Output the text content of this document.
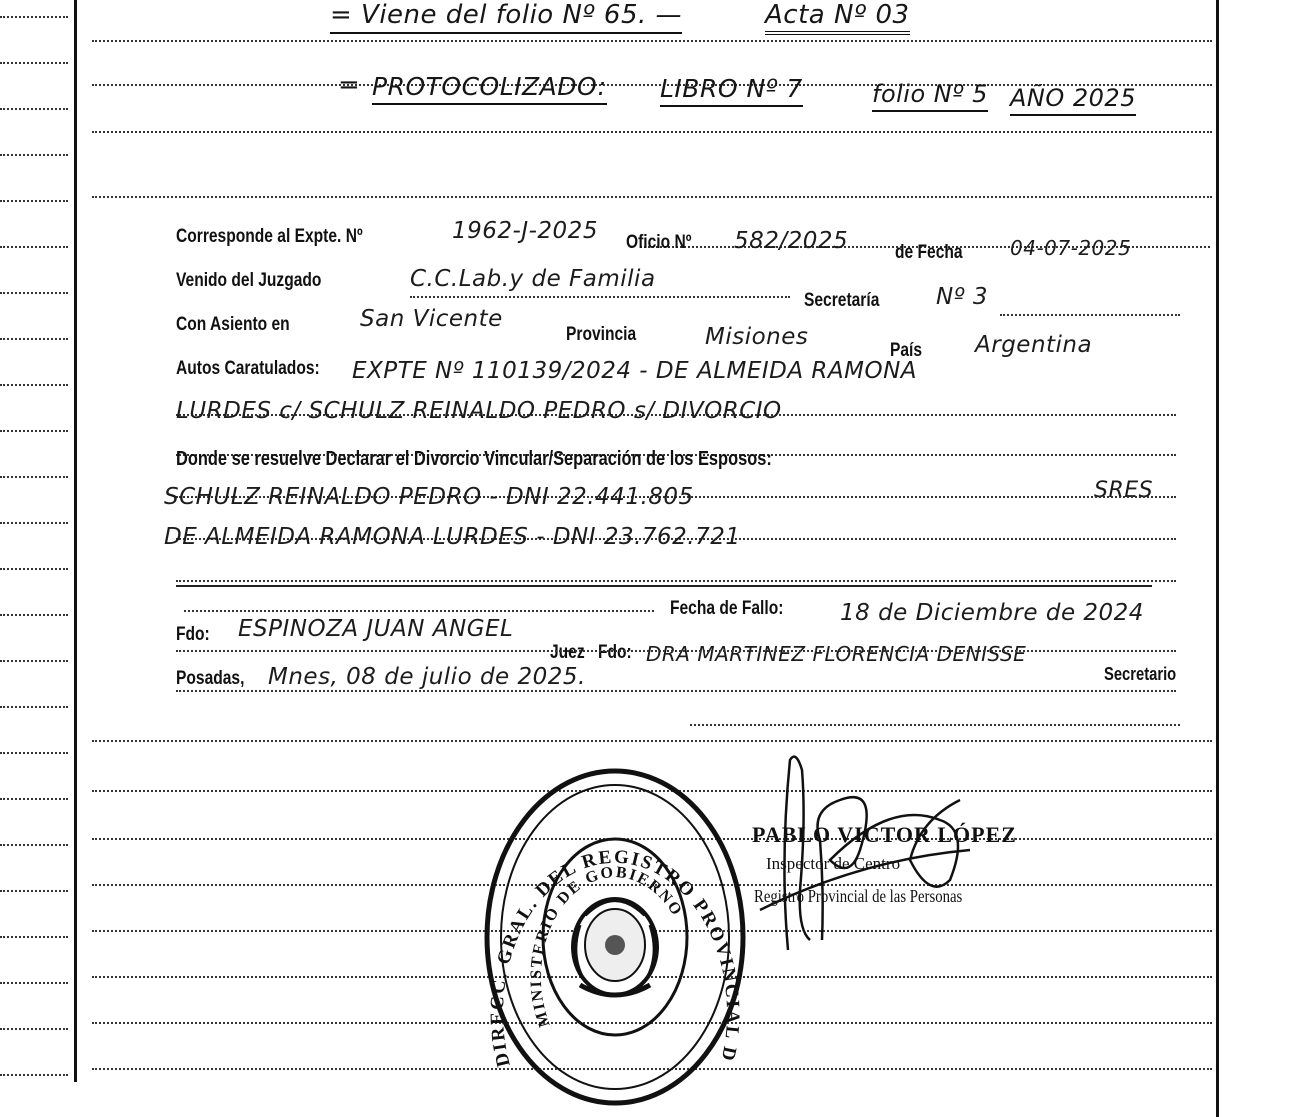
= Viene del folio Nº 65. —	Acta Nº 03
= PROTOCOLIZADO: LIBRO Nº 7	folio Nº 5 AÑO 2025
Corresponde al Expte. Nº	1962-J-2025 Oficio Nº 582/2025 de Fecha 04-07-2025
Venido del Juzgado	C.C.Lab.y de Familia
Secretaría Nº 3
Con Asiento en	San Vicente
Provincia	Misiones
País Argentina
Autos Caratulados: EXPTE Nº 110139/2024 - DE ALMEIDA RAMONA
LURDES c/ SCHULZ REINALDO PEDRO s/ DIVORCIO
Donde se resuelve Declarar el Divorcio Vincular/Separación de los Esposos:
SRES
SCHULZ REINALDO PEDRO - DNI 22.441.805
DE ALMEIDA RAMONA LURDES - DNI 23.762.721
Fecha de Fallo: 18 de Diciembre de 2024
Fdo: ESPINOZA JUAN ANGEL
Juez Fdo: DRA MARTINEZ FLORENCIA DENISSE
Secretario
Posadas, Mnes, 08 de julio de 2025.
DIRECC. GRAL. DEL REGISTRO PROVINCIAL D
MINISTERIO DE GOBIERNO
PABLO VICTOR LÓPEZ
Inspector de Centro
Registro Provincial de las Personas
